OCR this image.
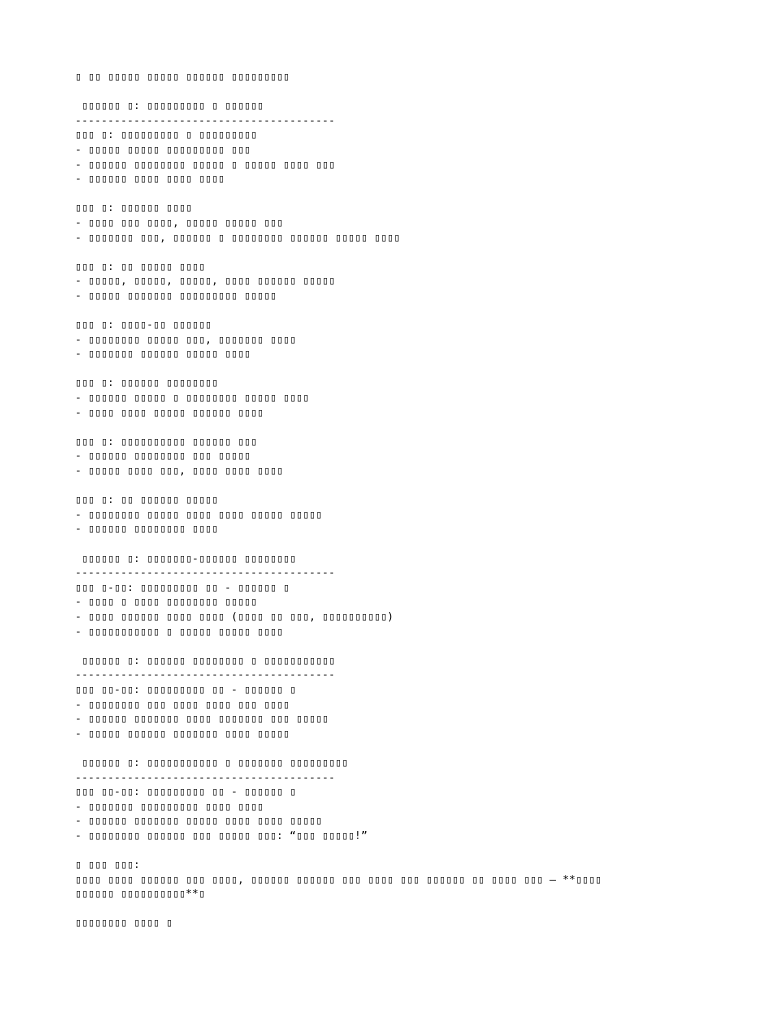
▯ ▯▯ ▯▯▯▯▯ ▯▯▯▯▯ ▯▯▯▯▯▯ ▯▯▯▯▯▯▯▯▯
▯▯▯▯▯▯ ▯: ▯▯▯▯▯▯▯▯▯ ▯ ▯▯▯▯▯▯
----------------------------------------
▯▯▯ ▯: ▯▯▯▯▯▯▯▯▯ ▯ ▯▯▯▯▯▯▯▯▯
- ▯▯▯▯▯ ▯▯▯▯▯ ▯▯▯▯▯▯▯▯▯ ▯▯▯
- ▯▯▯▯▯▯ ▯▯▯▯▯▯▯▯ ▯▯▯▯▯ ▯ ▯▯▯▯▯ ▯▯▯▯ ▯▯▯
- ▯▯▯▯▯▯ ▯▯▯▯ ▯▯▯▯ ▯▯▯▯
▯▯▯ ▯: ▯▯▯▯▯▯ ▯▯▯▯
- ▯▯▯▯ ▯▯▯ ▯▯▯▯, ▯▯▯▯▯ ▯▯▯▯▯ ▯▯▯
- ▯▯▯▯▯▯▯ ▯▯▯, ▯▯▯▯▯▯ ▯ ▯▯▯▯▯▯▯▯ ▯▯▯▯▯▯ ▯▯▯▯▯ ▯▯▯▯
▯▯▯ ▯: ▯▯ ▯▯▯▯▯ ▯▯▯▯
- ▯▯▯▯▯, ▯▯▯▯▯, ▯▯▯▯▯, ▯▯▯▯ ▯▯▯▯▯▯ ▯▯▯▯▯
- ▯▯▯▯▯ ▯▯▯▯▯▯▯ ▯▯▯▯▯▯▯▯▯ ▯▯▯▯▯
▯▯▯ ▯: ▯▯▯▯-▯▯ ▯▯▯▯▯▯
- ▯▯▯▯▯▯▯▯ ▯▯▯▯▯ ▯▯▯, ▯▯▯▯▯▯▯ ▯▯▯▯
- ▯▯▯▯▯▯▯ ▯▯▯▯▯▯ ▯▯▯▯▯ ▯▯▯▯
▯▯▯ ▯: ▯▯▯▯▯▯ ▯▯▯▯▯▯▯▯
- ▯▯▯▯▯▯ ▯▯▯▯▯ ▯ ▯▯▯▯▯▯▯▯ ▯▯▯▯▯ ▯▯▯▯
- ▯▯▯▯ ▯▯▯▯ ▯▯▯▯▯ ▯▯▯▯▯▯ ▯▯▯▯
▯▯▯ ▯: ▯▯▯▯▯▯▯▯▯▯ ▯▯▯▯▯▯ ▯▯▯
- ▯▯▯▯▯▯ ▯▯▯▯▯▯▯▯ ▯▯▯ ▯▯▯▯▯
- ▯▯▯▯▯ ▯▯▯▯ ▯▯▯, ▯▯▯▯ ▯▯▯▯ ▯▯▯▯
▯▯▯ ▯: ▯▯ ▯▯▯▯▯▯ ▯▯▯▯▯
- ▯▯▯▯▯▯▯▯ ▯▯▯▯▯ ▯▯▯▯ ▯▯▯▯ ▯▯▯▯▯ ▯▯▯▯▯
- ▯▯▯▯▯▯ ▯▯▯▯▯▯▯▯ ▯▯▯▯
▯▯▯▯▯▯ ▯: ▯▯▯▯▯▯▯-▯▯▯▯▯▯ ▯▯▯▯▯▯▯▯
----------------------------------------
▯▯▯ ▯-▯▯: ▯▯▯▯▯▯▯▯▯ ▯▯ - ▯▯▯▯▯▯ ▯
- ▯▯▯▯ ▯ ▯▯▯▯ ▯▯▯▯▯▯▯▯ ▯▯▯▯▯
- ▯▯▯▯ ▯▯▯▯▯▯ ▯▯▯▯ ▯▯▯▯ (▯▯▯▯ ▯▯ ▯▯▯, ▯▯▯▯▯▯▯▯▯▯)
- ▯▯▯▯▯▯▯▯▯▯▯ ▯ ▯▯▯▯▯ ▯▯▯▯▯ ▯▯▯▯
▯▯▯▯▯▯ ▯: ▯▯▯▯▯▯ ▯▯▯▯▯▯▯▯ ▯ ▯▯▯▯▯▯▯▯▯▯▯
----------------------------------------
▯▯▯ ▯▯-▯▯: ▯▯▯▯▯▯▯▯▯ ▯▯ - ▯▯▯▯▯▯ ▯
- ▯▯▯▯▯▯▯▯ ▯▯▯ ▯▯▯▯ ▯▯▯▯ ▯▯▯ ▯▯▯▯
- ▯▯▯▯▯▯ ▯▯▯▯▯▯▯ ▯▯▯▯ ▯▯▯▯▯▯▯ ▯▯▯ ▯▯▯▯▯
- ▯▯▯▯▯ ▯▯▯▯▯▯ ▯▯▯▯▯▯▯ ▯▯▯▯ ▯▯▯▯▯
▯▯▯▯▯▯ ▯: ▯▯▯▯▯▯▯▯▯▯▯ ▯ ▯▯▯▯▯▯▯ ▯▯▯▯▯▯▯▯▯
----------------------------------------
▯▯▯ ▯▯-▯▯: ▯▯▯▯▯▯▯▯▯ ▯▯ - ▯▯▯▯▯▯ ▯
- ▯▯▯▯▯▯▯ ▯▯▯▯▯▯▯▯▯ ▯▯▯▯ ▯▯▯▯
- ▯▯▯▯▯▯ ▯▯▯▯▯▯▯ ▯▯▯▯▯ ▯▯▯▯ ▯▯▯▯ ▯▯▯▯▯
- ▯▯▯▯▯▯▯▯ ▯▯▯▯▯▯ ▯▯▯ ▯▯▯▯▯ ▯▯▯: “▯▯▯ ▯▯▯▯▯!”
▯ ▯▯▯ ▯▯▯:
▯▯▯▯ ▯▯▯▯ ▯▯▯▯▯▯ ▯▯▯ ▯▯▯▯, ▯▯▯▯▯▯ ▯▯▯▯▯▯ ▯▯▯ ▯▯▯▯ ▯▯▯ ▯▯▯▯▯▯ ▯▯ ▯▯▯▯ ▯▯▯ — **▯▯▯▯
▯▯▯▯▯▯ ▯▯▯▯▯▯▯▯▯▯**▯
▯▯▯▯▯▯▯▯ ▯▯▯▯ ▯
